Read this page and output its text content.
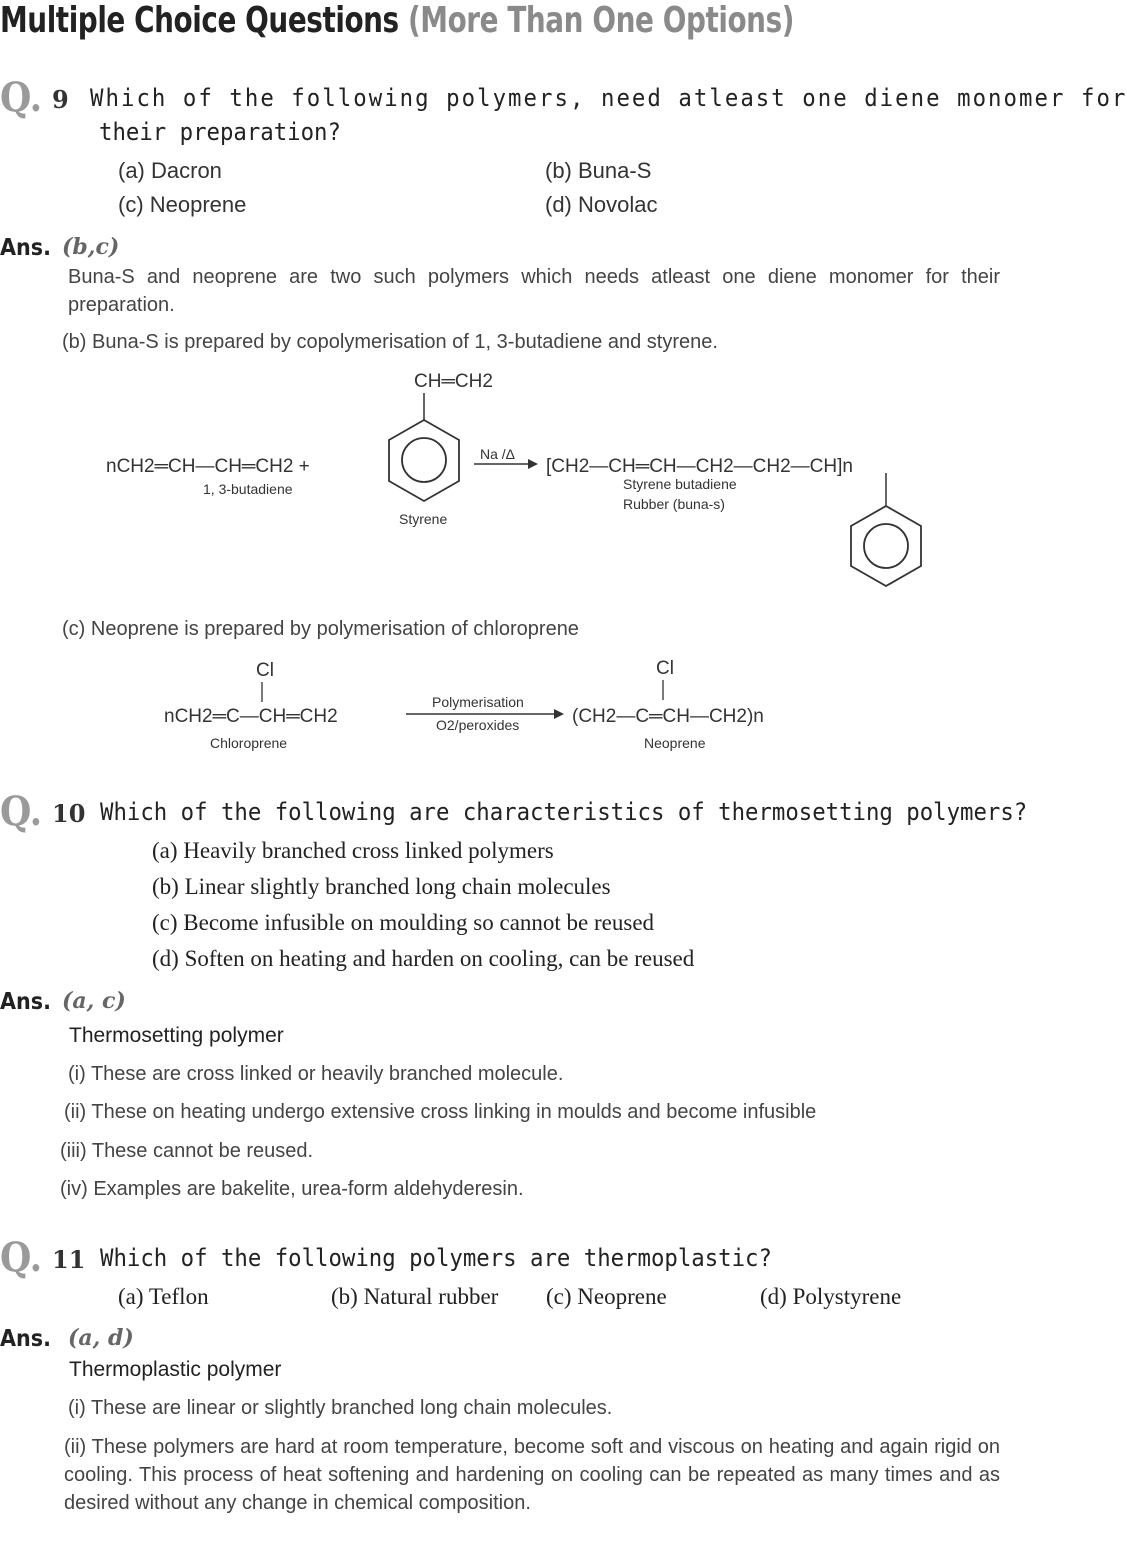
Multiple Choice Questions (More Than One Options)
Q. 9 Which of the following polymers, need atleast one diene monomer for
their preparation?
(a) Dacron	(b) Buna-S
(c) Neoprene	(d) Novolac
Ans. (b,c)
Buna-S and neoprene are two such polymers which needs atleast one diene monomer for their preparation.
(b) Buna-S is prepared by copolymerisation of 1, 3-butadiene and styrene.
CH═CH2
Styrene
nCH2═CH—CH═CH2 +
1, 3-butadiene
Na /Δ
[CH2—CH═CH—CH2—CH2—CH]n
Styrene butadiene
Rubber (buna-s)
(c) Neoprene is prepared by polymerisation of chloroprene
Cl
nCH2═C—CH═CH2
Chloroprene
Polymerisation
O2/peroxides
Cl
(CH2—C═CH—CH2)n
Neoprene
Q. 10 Which of the following are characteristics of thermosetting polymers?
(a) Heavily branched cross linked polymers
(b) Linear slightly branched long chain molecules
(c) Become infusible on moulding so cannot be reused
(d) Soften on heating and harden on cooling, can be reused
Ans. (a, c)
Thermosetting polymer
(i) These are cross linked or heavily branched molecule.
(ii) These on heating undergo extensive cross linking in moulds and become infusible
(iii) These cannot be reused.
(iv) Examples are bakelite, urea-form aldehyderesin.
Q. 11 Which of the following polymers are thermoplastic?
(a) Teflon	(b) Natural rubber (c) Neoprene	(d) Polystyrene
Ans. (a, d)
Thermoplastic polymer
(i) These are linear or slightly branched long chain molecules.
(ii) These polymers are hard at room temperature, become soft and viscous on heating and again rigid on cooling. This process of heat softening and hardening on cooling can be repeated as many times and as desired without any change in chemical composition.
